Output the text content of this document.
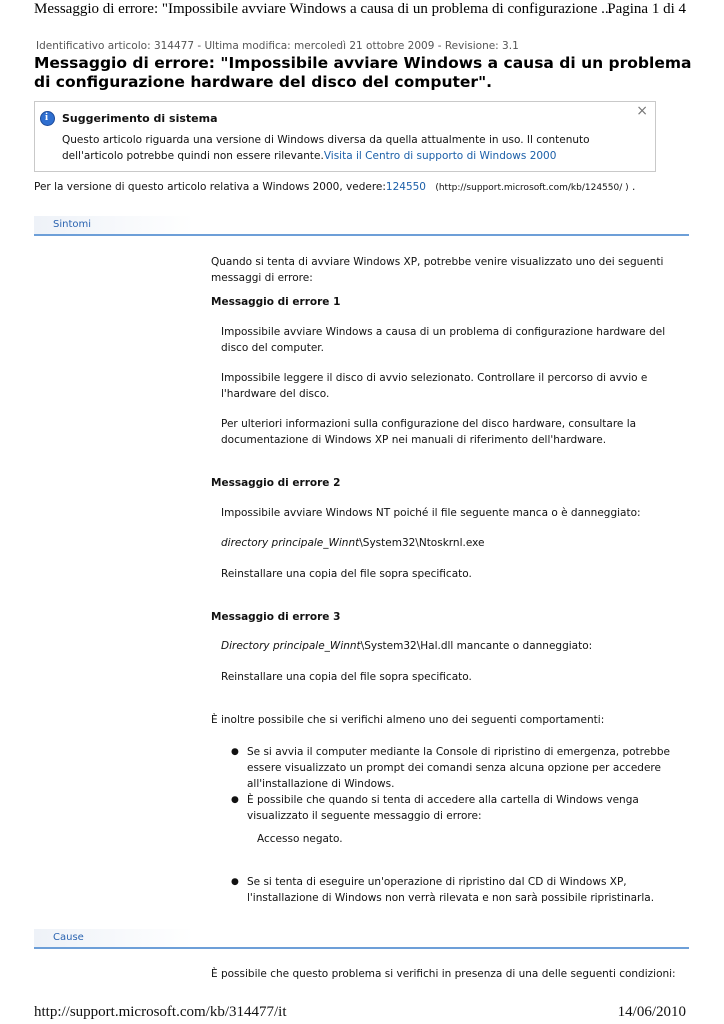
Messaggio di errore: "Impossibile avviare Windows a causa di un problema di configurazione ...
Pagina 1 di 4
Identificativo articolo: 314477 - Ultima modifica: mercoledì 21 ottobre 2009 - Revisione: 3.1
Messaggio di errore: "Impossibile avviare Windows a causa di un problema di configurazione hardware del disco del computer".
i
Suggerimento di sistema
Questo articolo riguarda una versione di Windows diversa da quella attualmente in uso. Il contenuto dell'articolo potrebbe quindi non essere rilevante.Visita il Centro di supporto di Windows 2000
×
Per la versione di questo articolo relativa a Windows 2000, vedere:124550 (http://support.microsoft.com/kb/124550/ ) .
Sintomi

Quando si tenta di avviare Windows XP, potrebbe venire visualizzato uno dei seguenti messaggi di errore:

Messaggio di errore 1

Impossibile avviare Windows a causa di un problema di configurazione hardware del disco del computer.

Impossibile leggere il disco di avvio selezionato. Controllare il percorso di avvio e l'hardware del disco.

Per ulteriori informazioni sulla configurazione del disco hardware, consultare la documentazione di Windows XP nei manuali di riferimento dell'hardware.

Messaggio di errore 2

Impossibile avviare Windows NT poiché il file seguente manca o è danneggiato:

directory principale_Winnt\System32\Ntoskrnl.exe

Reinstallare una copia del file sopra specificato.

Messaggio di errore 3

Directory principale_Winnt\System32\Hal.dll mancante o danneggiato:

Reinstallare una copia del file sopra specificato.

È inoltre possibile che si verifichi almeno uno dei seguenti comportamenti:

● Se si avvia il computer mediante la Console di ripristino di emergenza, potrebbe essere visualizzato un prompt dei comandi senza alcuna opzione per accedere all'installazione di Windows.
● È possibile che quando si tenta di accedere alla cartella di Windows venga visualizzato il seguente messaggio di errore:
Accesso negato.
● Se si tenta di eseguire un'operazione di ripristino dal CD di Windows XP, l'installazione di Windows non verrà rilevata e non sarà possibile ripristinarla.
Cause
È possibile che questo problema si verifichi in presenza di una delle seguenti condizioni:
http://support.microsoft.com/kb/314477/it	14/06/2010
